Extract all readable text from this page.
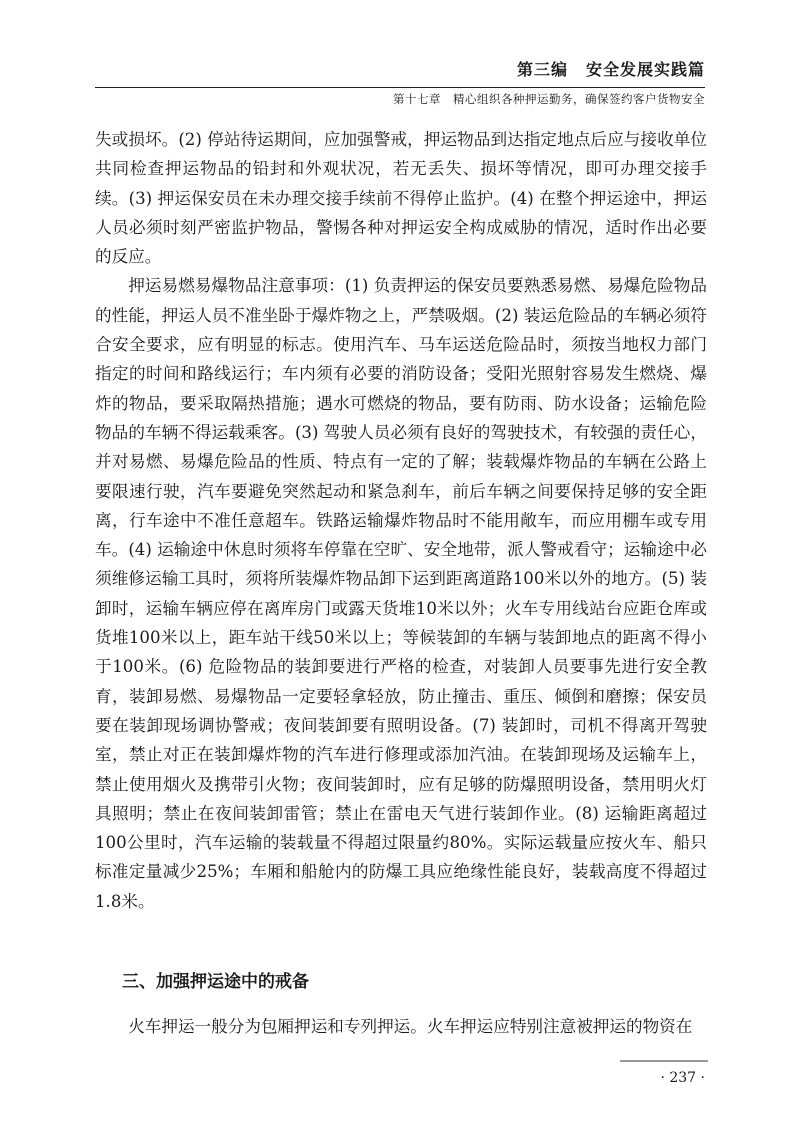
第三编 安全发展实践篇
第十七章　精心组织各种押运勤务，确保签约客户货物安全

失或损坏。(2) 停站待运期间，应加强警戒，押运物品到达指定地点后应与接收单位共同检查押运物品的铅封和外观状况，若无丢失、损坏等情况，即可办理交接手续。(3) 押运保安员在未办理交接手续前不得停止监护。(4) 在整个押运途中，押运人员必须时刻严密监护物品，警惕各种对押运安全构成威胁的情况，适时作出必要的反应。

押运易燃易爆物品注意事项：(1) 负责押运的保安员要熟悉易燃、易爆危险物品的性能，押运人员不准坐卧于爆炸物之上，严禁吸烟。(2) 装运危险品的车辆必须符合安全要求，应有明显的标志。使用汽车、马车运送危险品时，须按当地权力部门指定的时间和路线运行；车内须有必要的消防设备；受阳光照射容易发生燃烧、爆炸的物品，要采取隔热措施；遇水可燃烧的物品，要有防雨、防水设备；运输危险物品的车辆不得运载乘客。(3) 驾驶人员必须有良好的驾驶技术，有较强的责任心，并对易燃、易爆危险品的性质、特点有一定的了解；装载爆炸物品的车辆在公路上要限速行驶，汽车要避免突然起动和紧急刹车，前后车辆之间要保持足够的安全距离，行车途中不准任意超车。铁路运输爆炸物品时不能用敞车，而应用棚车或专用车。(4) 运输途中休息时须将车停靠在空旷、安全地带，派人警戒看守；运输途中必须维修运输工具时，须将所装爆炸物品卸下运到距离道路100米以外的地方。(5) 装卸时，运输车辆应停在离库房门或露天货堆10米以外；火车专用线站台应距仓库或货堆100米以上，距车站干线50米以上；等候装卸的车辆与装卸地点的距离不得小于100米。(6) 危险物品的装卸要进行严格的检查，对装卸人员要事先进行安全教育，装卸易燃、易爆物品一定要轻拿轻放，防止撞击、重压、倾倒和磨擦；保安员要在装卸现场调协警戒；夜间装卸要有照明设备。(7) 装卸时，司机不得离开驾驶室，禁止对正在装卸爆炸物的汽车进行修理或添加汽油。在装卸现场及运输车上，禁止使用烟火及携带引火物；夜间装卸时，应有足够的防爆照明设备，禁用明火灯具照明；禁止在夜间装卸雷管；禁止在雷电天气进行装卸作业。(8) 运输距离超过100公里时，汽车运输的装载量不得超过限量约80%。实际运载量应按火车、船只标准定量减少25%；车厢和船舱内的防爆工具应绝缘性能良好，装载高度不得超过1.8米。

三、加强押运途中的戒备

火车押运一般分为包厢押运和专列押运。火车押运应特别注意被押运的物资在

· 237 ·
